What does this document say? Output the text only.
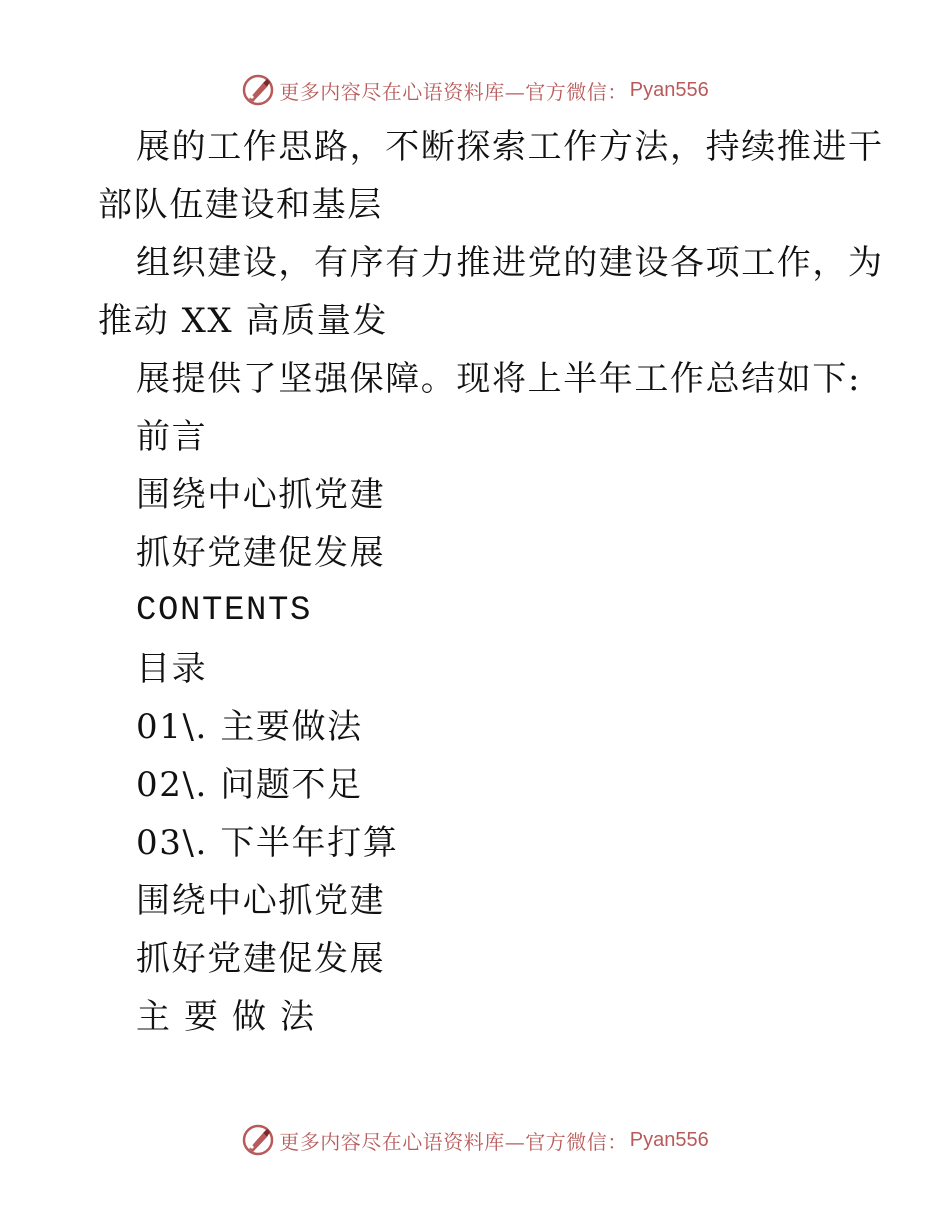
更多内容尽在心语资料库—官方微信： Pyan556
展的工作思路，不断探索工作方法，持续推进干
部队伍建设和基层
组织建设，有序有力推进党的建设各项工作，为
推动 XX 高质量发
展提供了坚强保障。现将上半年工作总结如下:
前言
围绕中心抓党建
抓好党建促发展
CONTENTS
目录
01\. 主要做法
02\. 问题不足
03\. 下半年打算
围绕中心抓党建
抓好党建促发展
主 要 做 法
更多内容尽在心语资料库—官方微信： Pyan556
